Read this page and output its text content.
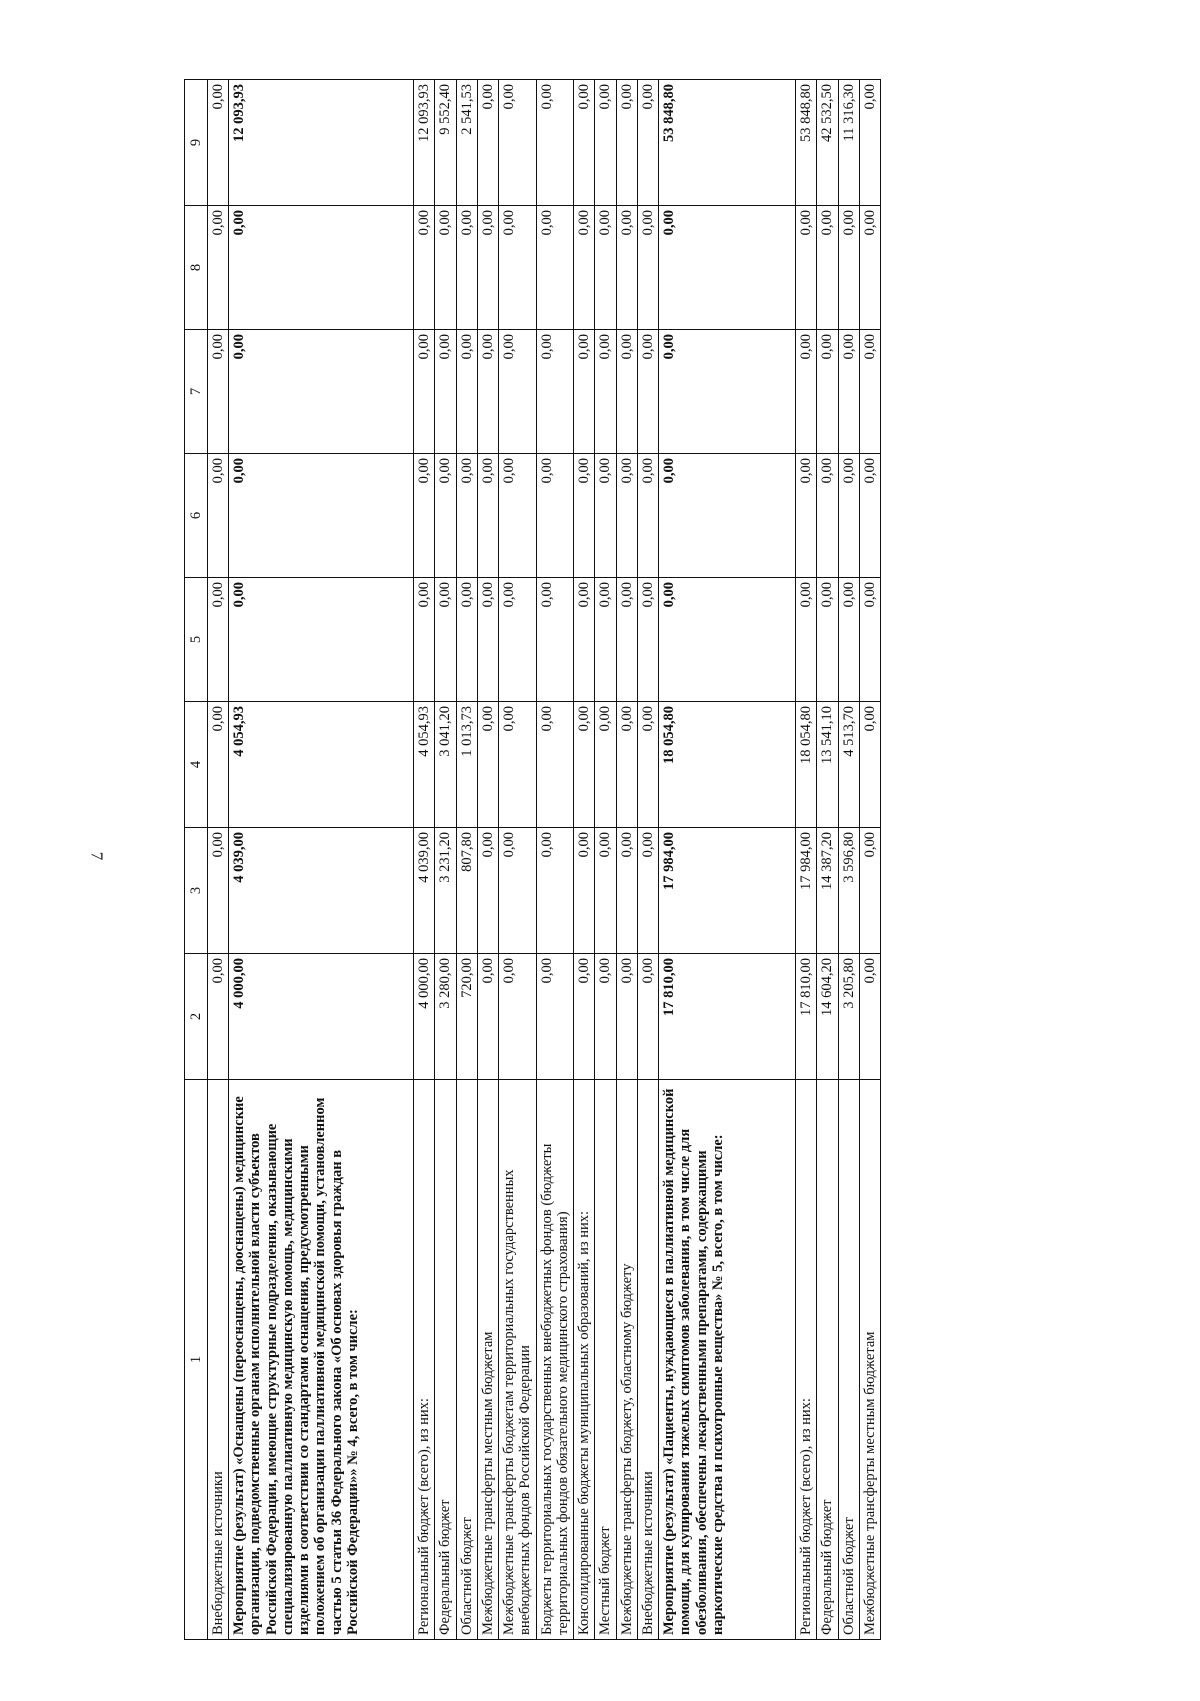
7
1	2	3	4	5	6	7	8	9
Внебюджетные источники	0,00	0,00	0,00	0,00	0,00	0,00	0,00	0,00
Мероприятие (результат) «Оснащены (переоснащены, дооснащены) медицинские организации, подведомственные органам исполнительной власти субъектов Российской Федерации, имеющие структурные подразделения, оказывающие специализированную паллиативную медицинскую помощь, медицинскими изделиями в соответствии со стандартами оснащения, предусмотренными положением об организации паллиативной медицинской помощи, установленном частью 5 статьи 36 Федерального закона «Об основах здоровья граждан в Российской Федерации»» № 4, всего, в том числе:	4 000,00	4 039,00	4 054,93	0,00	0,00	0,00	0,00	12 093,93
Региональный бюджет (всего), из них:	4 000,00	4 039,00	4 054,93	0,00	0,00	0,00	0,00	12 093,93
Федеральный бюджет	3 280,00	3 231,20	3 041,20	0,00	0,00	0,00	0,00	9 552,40
Областной бюджет	720,00	807,80	1 013,73	0,00	0,00	0,00	0,00	2 541,53
Межбюджетные трансферты местным бюджетам	0,00	0,00	0,00	0,00	0,00	0,00	0,00	0,00
Межбюджетные трансферты бюджетам территориальных государственных внебюджетных фондов Российской Федерации	0,00	0,00	0,00	0,00	0,00	0,00	0,00	0,00
Бюджеты территориальных государственных внебюджетных фондов (бюджеты территориальных фондов обязательного медицинского страхования)	0,00	0,00	0,00	0,00	0,00	0,00	0,00	0,00
Консолидированные бюджеты муниципальных образований, из них:	0,00	0,00	0,00	0,00	0,00	0,00	0,00	0,00
Местный бюджет	0,00	0,00	0,00	0,00	0,00	0,00	0,00	0,00
Межбюджетные трансферты бюджету, областному бюджету	0,00	0,00	0,00	0,00	0,00	0,00	0,00	0,00
Внебюджетные источники	0,00	0,00	0,00	0,00	0,00	0,00	0,00	0,00
Мероприятие (результат) «Пациенты, нуждающиеся в паллиативной медицинской помощи, для купирования тяжелых симптомов заболевания, в том числе для обезболивания, обеспечены лекарственными препаратами, содержащими наркотические средства и психотропные вещества» № 5, всего, в том числе:	17 810,00	17 984,00	18 054,80	0,00	0,00	0,00	0,00	53 848,80
Региональный бюджет (всего), из них:	17 810,00	17 984,00	18 054,80	0,00	0,00	0,00	0,00	53 848,80
Федеральный бюджет	14 604,20	14 387,20	13 541,10	0,00	0,00	0,00	0,00	42 532,50
Областной бюджет	3 205,80	3 596,80	4 513,70	0,00	0,00	0,00	0,00	11 316,30
Межбюджетные трансферты местным бюджетам	0,00	0,00	0,00	0,00	0,00	0,00	0,00	0,00
